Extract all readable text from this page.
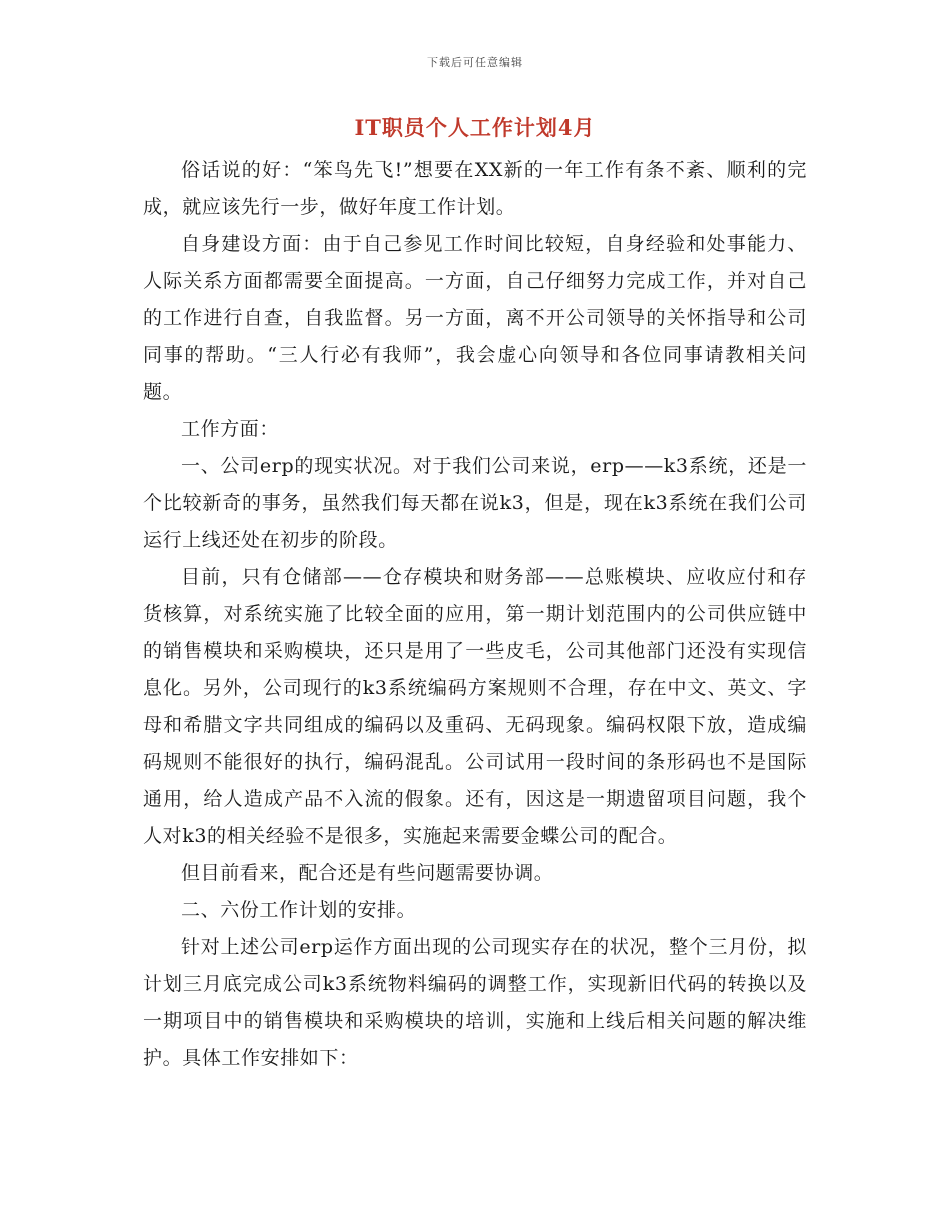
下载后可任意编辑
IT职员个人工作计划4月

俗话说的好：“笨鸟先飞!”想要在XX新的一年工作有条不紊、顺利的完成，就应该先行一步，做好年度工作计划。

自身建设方面：由于自己参见工作时间比较短，自身经验和处事能力、人际关系方面都需要全面提高。一方面，自己仔细努力完成工作，并对自己的工作进行自查，自我监督。另一方面，离不开公司领导的关怀指导和公司同事的帮助。“三人行必有我师”，我会虚心向领导和各位同事请教相关问题。

工作方面：

一、公司erp的现实状况。对于我们公司来说，erp——k3系统，还是一个比较新奇的事务，虽然我们每天都在说k3，但是，现在k3系统在我们公司运行上线还处在初步的阶段。

目前，只有仓储部——仓存模块和财务部——总账模块、应收应付和存货核算，对系统实施了比较全面的应用，第一期计划范围内的公司供应链中的销售模块和采购模块，还只是用了一些皮毛，公司其他部门还没有实现信息化。另外，公司现行的k3系统编码方案规则不合理，存在中文、英文、字母和希腊文字共同组成的编码以及重码、无码现象。编码权限下放，造成编码规则不能很好的执行，编码混乱。公司试用一段时间的条形码也不是国际通用，给人造成产品不入流的假象。还有，因这是一期遗留项目问题，我个人对k3的相关经验不是很多，实施起来需要金蝶公司的配合。

但目前看来，配合还是有些问题需要协调。

二、六份工作计划的安排。

针对上述公司erp运作方面出现的公司现实存在的状况，整个三月份，拟计划三月底完成公司k3系统物料编码的调整工作，实现新旧代码的转换以及一期项目中的销售模块和采购模块的培训，实施和上线后相关问题的解决维护。具体工作安排如下：
